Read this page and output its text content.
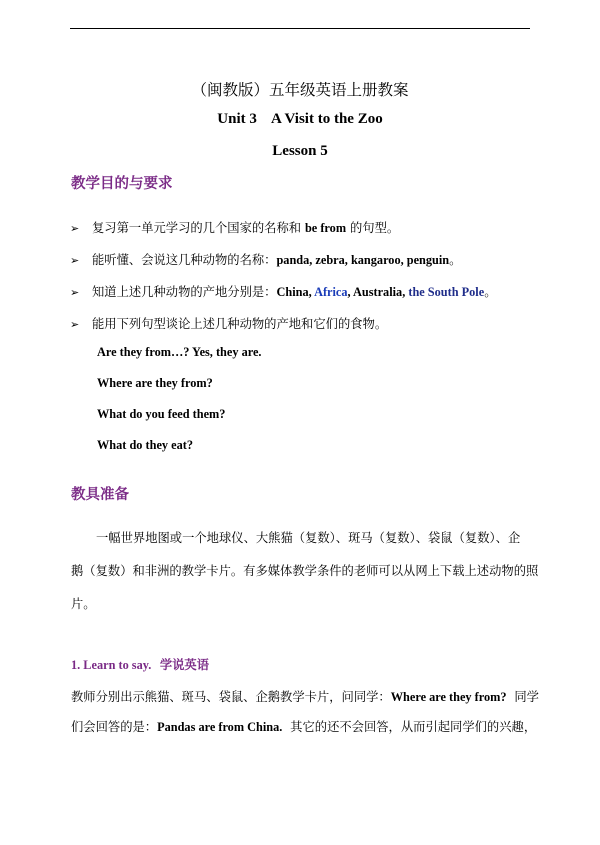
（闽教版）五年级英语上册教案
Unit 3    A Visit to the Zoo
Lesson 5
教学目的与要求
➢ 复习第一单元学习的几个国家的名称和 be from 的句型。
➢ 能听懂、会说这几种动物的名称：panda, zebra, kangaroo, penguin。
➢ 知道上述几种动物的产地分别是：China, Africa, Australia, the South Pole。
➢ 能用下列句型谈论上述几种动物的产地和它们的食物。
Are they from…? Yes, they are.
Where are they from?
What do you feed them?
What do they eat?
教具准备
一幅世界地图或一个地球仪、大熊猫（复数）、斑马（复数）、袋鼠（复数）、企
鹅（复数）和非洲的教学卡片。有多媒体教学条件的老师可以从网上下载上述动物的照
片。
1. Learn to say.  学说英语
教师分别出示熊猫、斑马、袋鼠、企鹅教学卡片，问同学：Where are they from?  同学
们会回答的是：Pandas are from China.  其它的还不会回答，从而引起同学们的兴趣，
